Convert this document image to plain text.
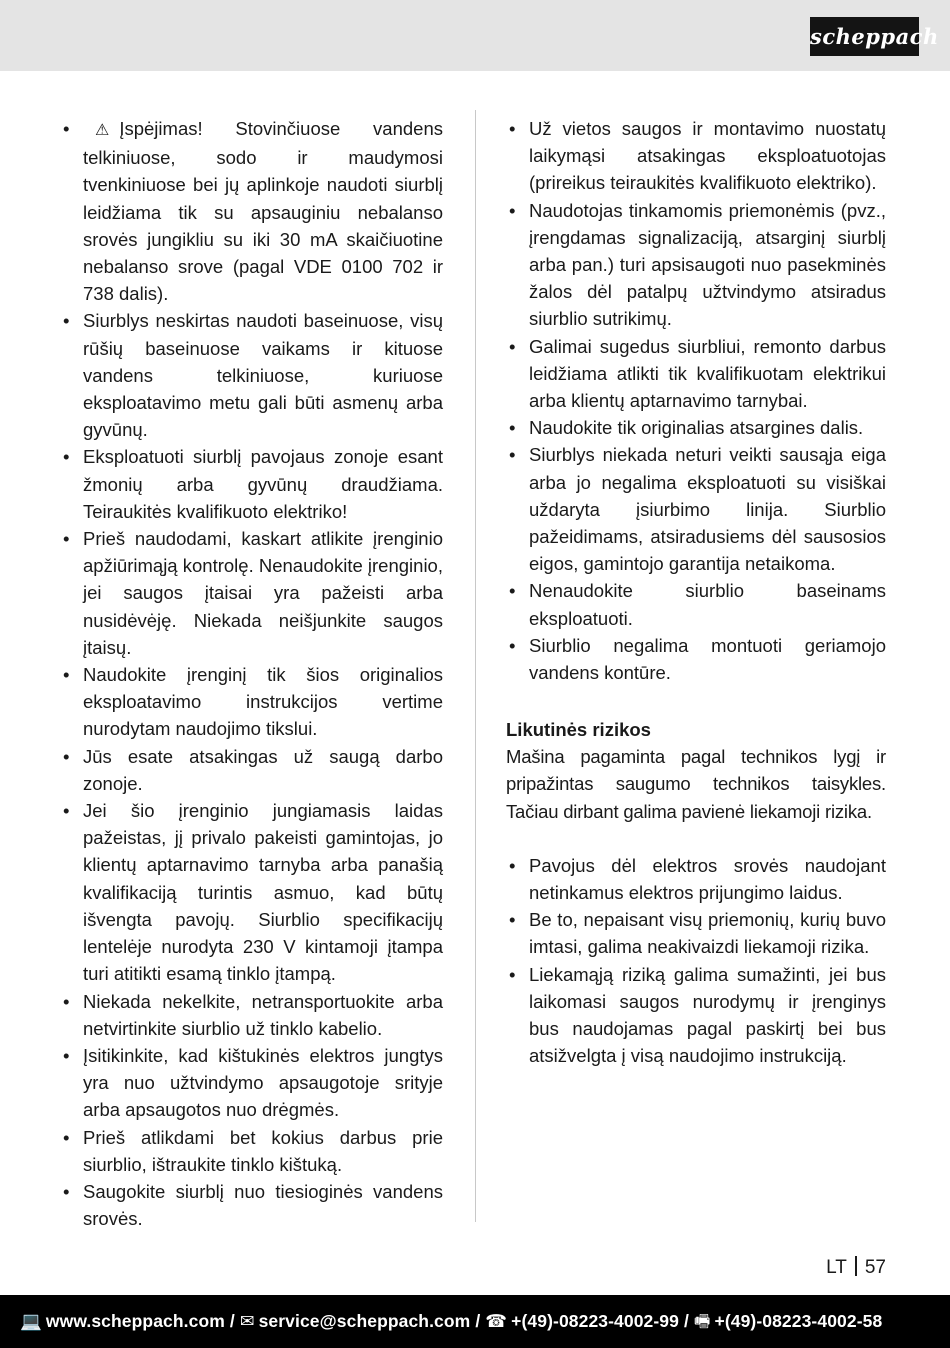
scheppach
• ⚠ Įspėjimas! Stovinčiuose vandens telkiniuose, sodo ir maudymosi tvenkiniuose bei jų aplinkoje naudoti siurblį leidžiama tik su apsauginiu nebalanso srovės jungikliu su iki 30 mA skaičiuotine nebalanso srove (pagal VDE 0100 702 ir 738 dalis).
• Siurblys neskirtas naudoti baseinuose, visų rūšių baseinuose vaikams ir kituose vandens telkiniuose, kuriuose eksploatavimo metu gali būti asmenų arba gyvūnų.
• Eksploatuoti siurblį pavojaus zonoje esant žmonių arba gyvūnų draudžiama. Teiraukitės kvalifikuoto elektriko!
• Prieš naudodami, kaskart atlikite įrenginio apžiūrimąją kontrolę. Nenaudokite įrenginio, jei saugos įtaisai yra pažeisti arba nusidėvėję. Niekada neišjunkite saugos įtaisų.
• Naudokite įrenginį tik šios originalios eksploatavimo instrukcijos vertime nurodytam naudojimo tikslui.
• Jūs esate atsakingas už saugą darbo zonoje.
• Jei šio įrenginio jungiamasis laidas pažeistas, jį privalo pakeisti gamintojas, jo klientų aptarnavimo tarnyba arba panašią kvalifikaciją turintis asmuo, kad būtų išvengta pavojų. Siurblio specifikacijų lentelėje nurodyta 230 V kintamoji įtampa turi atitikti esamą tinklo įtampą.
• Niekada nekelkite, netransportuokite arba netvirtinkite siurblio už tinklo kabelio.
• Įsitikinkite, kad kištukinės elektros jungtys yra nuo užtvindymo apsaugotoje srityje arba apsaugotos nuo drėgmės.
• Prieš atlikdami bet kokius darbus prie siurblio, ištraukite tinklo kištuką.
• Saugokite siurblį nuo tiesioginės vandens srovės.
• Už vietos saugos ir montavimo nuostatų laikymąsi atsakingas eksploatuotojas (prireikus teiraukitės kvalifikuoto elektriko).
• Naudotojas tinkamomis priemonėmis (pvz., įrengdamas signalizaciją, atsarginį siurblį arba pan.) turi apsisaugoti nuo pasekminės žalos dėl patalpų užtvindymo atsiradus siurblio sutrikimų.
• Galimai sugedus siurbliui, remonto darbus leidžiama atlikti tik kvalifikuotam elektrikui arba klientų aptarnavimo tarnybai.
• Naudokite tik originalias atsargines dalis.
• Siurblys niekada neturi veikti sausąja eiga arba jo negalima eksploatuoti su visiškai uždaryta įsiurbimo linija. Siurblio pažeidimams, atsiradusiems dėl sausosios eigos, gamintojo garantija netaikoma.
• Nenaudokite siurblio baseinams eksploatuoti.
• Siurblio negalima montuoti geriamojo vandens kontūre.
Likutinės rizikos

Mašina pagaminta pagal technikos lygį ir pripažintas saugumo technikos taisykles. Tačiau dirbant galima pavienė liekamoji rizika.

• Pavojus dėl elektros srovės naudojant netinkamus elektros prijungimo laidus.
• Be to, nepaisant visų priemonių, kurių buvo imtasi, galima neakivaizdi liekamoji rizika.
• Liekamąją riziką galima sumažinti, jei bus laikomasi saugos nurodymų ir įrenginys bus naudojamas pagal paskirtį bei bus atsižvelgta į visą naudojimo instrukciją.
LT 57
💻 www.scheppach.com / ✉ service@scheppach.com / ☎ +(49)-08223-4002-99 / 🖷 +(49)-08223-4002-58
